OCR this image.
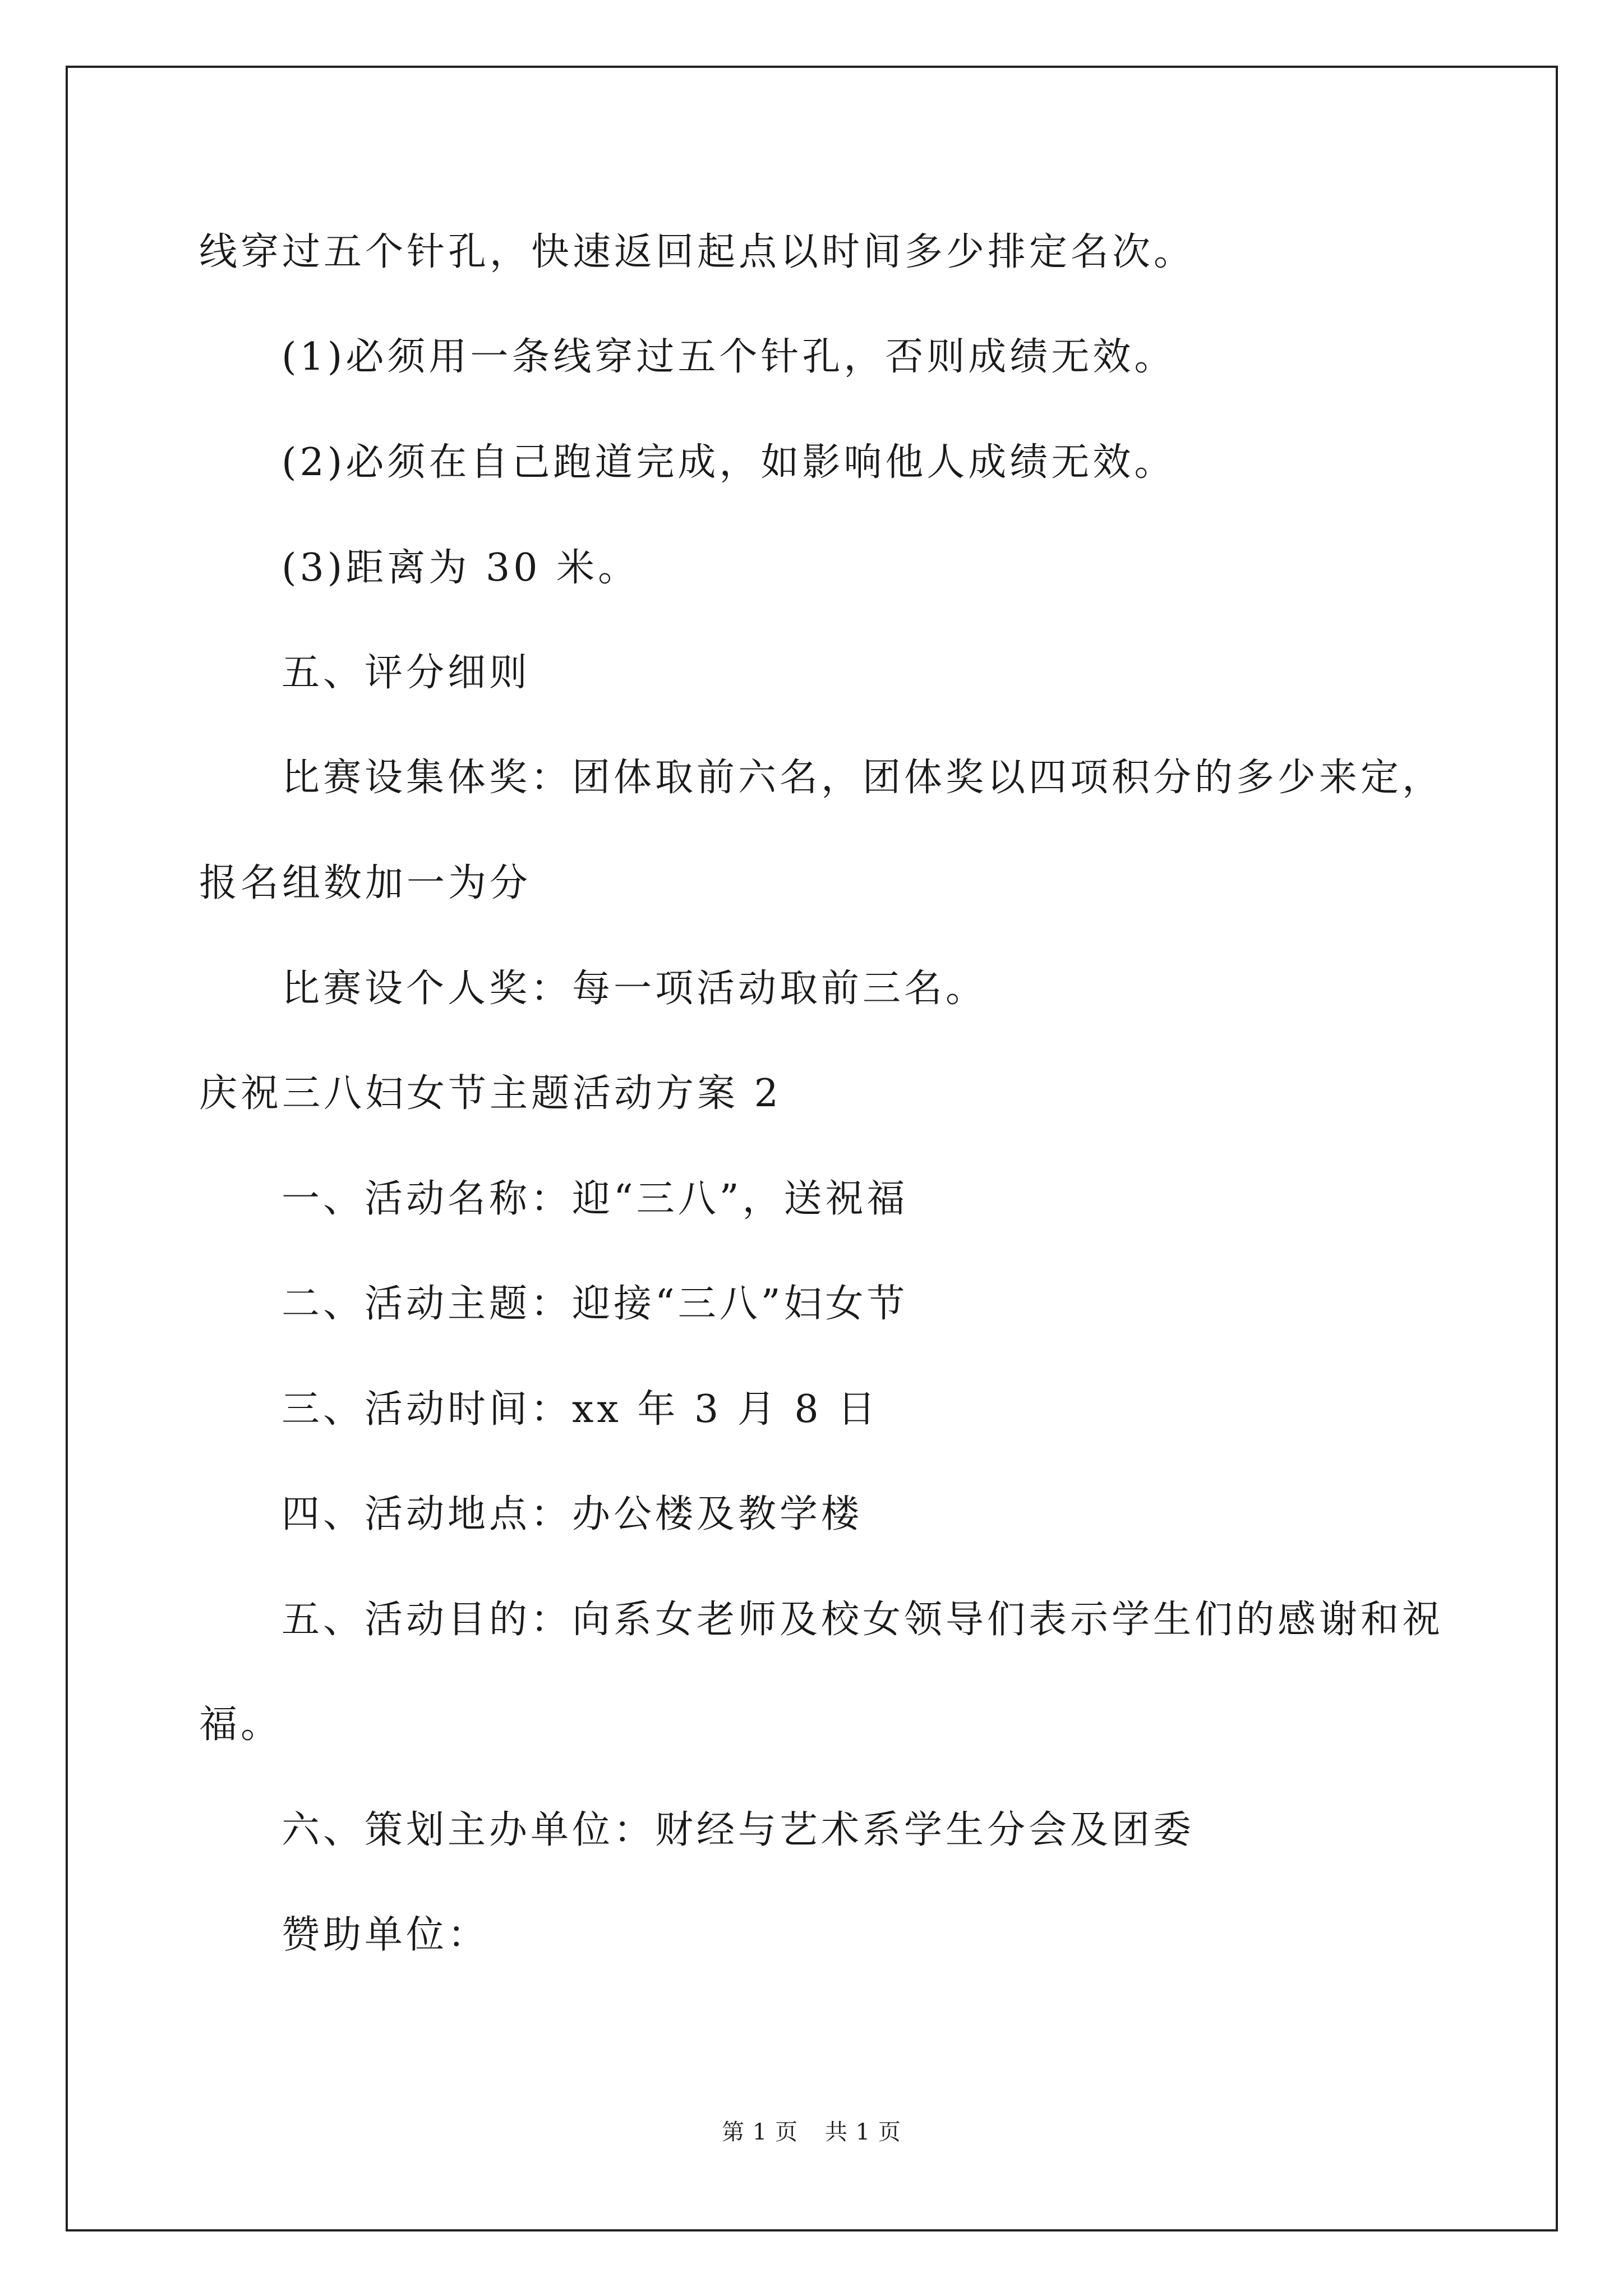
线穿过五个针孔，快速返回起点以时间多少排定名次。
(1)必须用一条线穿过五个针孔，否则成绩无效。
(2)必须在自己跑道完成，如影响他人成绩无效。
(3)距离为 30 米。
五、评分细则
比赛设集体奖：团体取前六名，团体奖以四项积分的多少来定，
报名组数加一为分
比赛设个人奖：每一项活动取前三名。
庆祝三八妇女节主题活动方案 2
一、活动名称：迎“三八”，送祝福
二、活动主题：迎接“三八”妇女节
三、活动时间：xx 年 3 月 8 日
四、活动地点：办公楼及教学楼
五、活动目的：向系女老师及校女领导们表示学生们的感谢和祝
福。
六、策划主办单位：财经与艺术系学生分会及团委
赞助单位：
第 1 页 共 1 页
